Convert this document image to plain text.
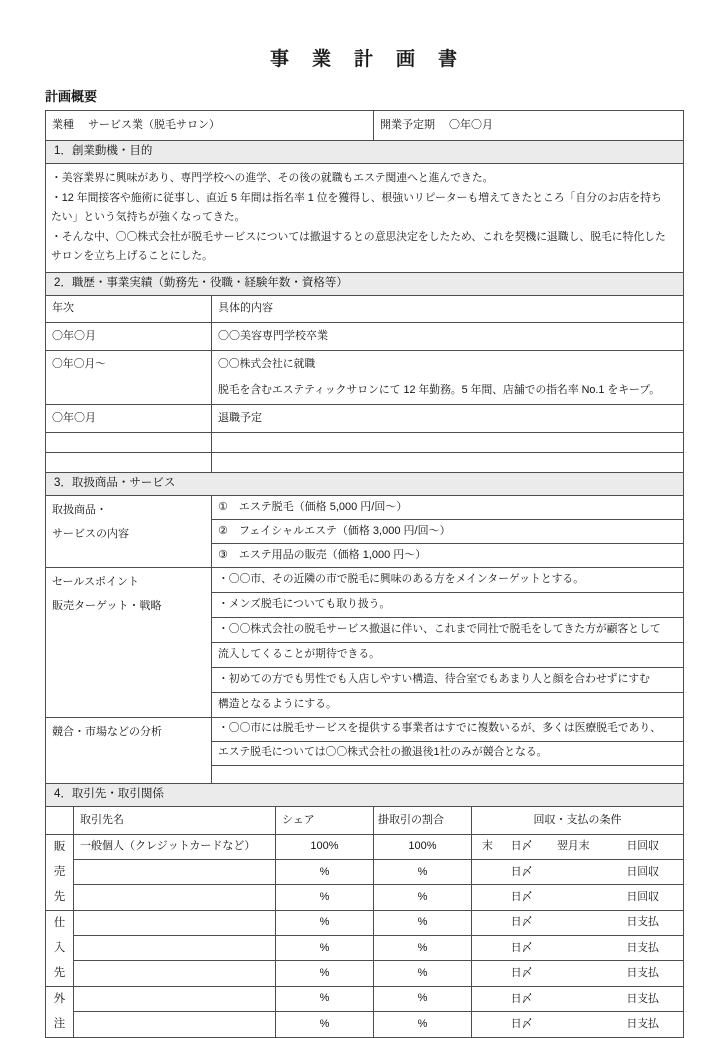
事　業　計　画　書
計画概要
業種 サービス業（脱毛サロン）	開業予定期 〇年〇月
1．創業動機・目的
・美容業界に興味があり、専門学校への進学、その後の就職もエステ関連へと進んできた。
・12 年間接客や施術に従事し、直近 5 年間は指名率 1 位を獲得し、根強いリピーターも増えてきたところ「自分のお店を持ち
たい」という気持ちが強くなってきた。
・そんな中、〇〇株式会社が脱毛サービスについては撤退するとの意思決定をしたため、これを契機に退職し、脱毛に特化した
サロンを立ち上げることにした。
2．職歴・事業実績（勤務先・役職・経験年数・資格等）
年次	具体的内容
〇年〇月	〇〇美容専門学校卒業

〇年〇月～	〇〇株式会社に就職
脱毛を含むエステティックサロンにて 12 年勤務。5 年間、店舗での指名率 No.1 をキープ。

〇年〇月	退職予定

3．取扱商品・サービス
取扱商品・
サービスの内容	①　エステ脱毛（価格 5,000 円/回～）
	②　フェイシャルエステ（価格 3,000 円/回～）
	③　エステ用品の販売（価格 1,000 円～）

セールスポイント
販売ターゲット・戦略	・〇〇市、その近隣の市で脱毛に興味のある方をメインターゲットとする。

	・メンズ脱毛についても取り扱う。

	・〇〇株式会社の脱毛サービス撤退に伴い、これまで同社で脱毛をしてきた方が顧客として

	流入してくることが期待できる。

	・初めての方でも男性でも入店しやすい構造、待合室でもあまり人と顔を合わせずにすむ

	構造となるようにする。

競合・市場などの分析	・〇〇市には脱毛サービスを提供する事業者はすでに複数いるが、多くは医療脱毛であり、

	エステ脱毛については〇〇株式会社の撤退後1社のみが競合となる。

4．取引先・取引関係
	取引先名	シェア	掛取引の割合	回収・支払の条件

販売先	一般個人（クレジットカードなど）	100%	100%	末 日〆 翌月末 日回収

		%	%	日〆 日回収

		%	%	日〆 日回収

仕入先		%	%	日〆 日支払

		%	%	日〆 日支払

		%	%	日〆 日支払

外注		%	%	日〆 日支払

		%	%	日〆 日支払
